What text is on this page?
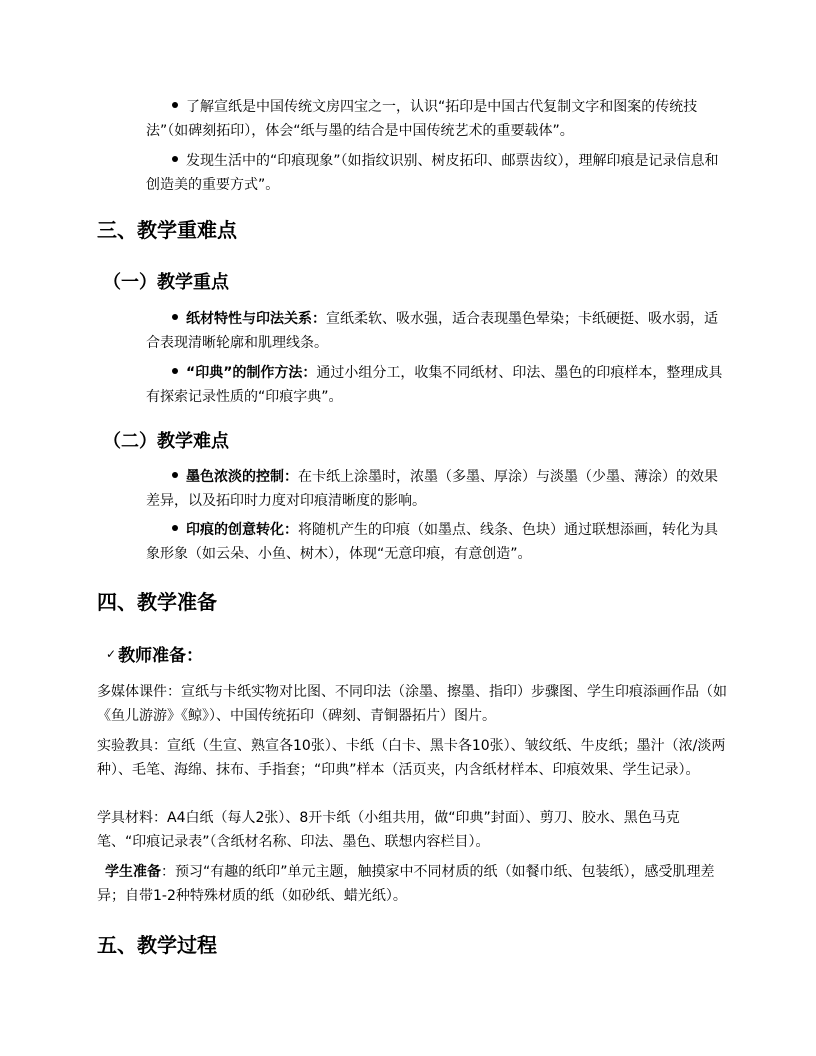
了解宣纸是中国传统文房四宝之一，认识“拓印是中国古代复制文字和图案的传统技法”（如碑刻拓印），体会“纸与墨的结合是中国传统艺术的重要载体”。

发现生活中的“印痕现象”（如指纹识别、树皮拓印、邮票齿纹），理解印痕是记录信息和创造美的重要方式”。

三、教学重难点
（一）教学重点

纸材特性与印法关系：宣纸柔软、吸水强，适合表现墨色晕染；卡纸硬挺、吸水弱，适合表现清晰轮廓和肌理线条。

“印典”的制作方法：通过小组分工，收集不同纸材、印法、墨色的印痕样本，整理成具有探索记录性质的“印痕字典”。

（二）教学难点

墨色浓淡的控制：在卡纸上涂墨时，浓墨（多墨、厚涂）与淡墨（少墨、薄涂）的效果差异，以及拓印时力度对印痕清晰度的影响。

印痕的创意转化：将随机产生的印痕（如墨点、线条、色块）通过联想添画，转化为具象形象（如云朵、小鱼、树木），体现“无意印痕，有意创造”。

四、教学准备
✓ 教师准备：

多媒体课件：宣纸与卡纸实物对比图、不同印法（涂墨、擦墨、指印）步骤图、学生印痕添画作品（如《鱼儿游游》《鲸》）、中国传统拓印（碑刻、青铜器拓片）图片。

实验教具：宣纸（生宣、熟宣各10张）、卡纸（白卡、黑卡各10张）、皱纹纸、牛皮纸；墨汁（浓/淡两种）、毛笔、海绵、抹布、手指套；“印典”样本（活页夹，内含纸材样本、印痕效果、学生记录）。

学具材料：A4白纸（每人2张）、8开卡纸（小组共用，做“印典”封面）、剪刀、胶水、黑色马克笔、“印痕记录表”（含纸材名称、印法、墨色、联想内容栏目）。

学生准备：预习“有趣的纸印”单元主题，触摸家中不同材质的纸（如餐巾纸、包装纸），感受肌理差异；自带1-2种特殊材质的纸（如砂纸、蜡光纸）。

五、教学过程
